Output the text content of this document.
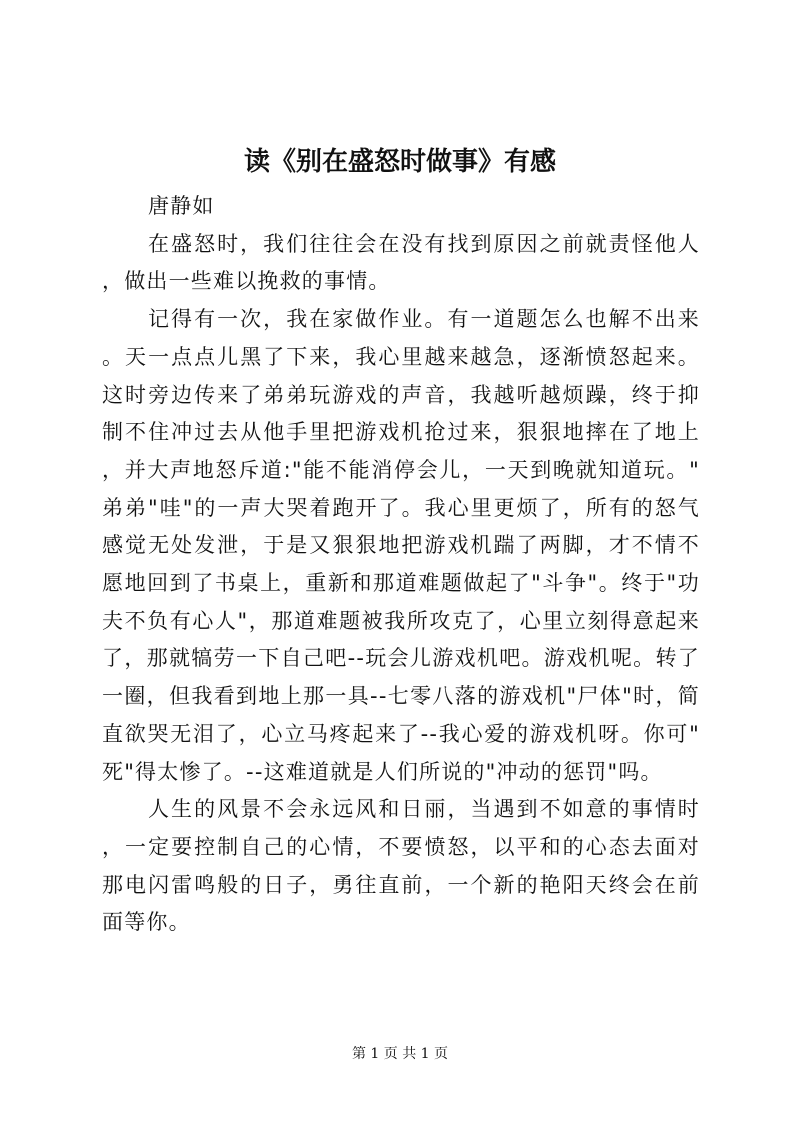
读《别在盛怒时做事》有感

唐静如

在盛怒时，我们往往会在没有找到原因之前就责怪他人，做出一些难以挽救的事情。

记得有一次，我在家做作业。有一道题怎么也解不出来。天一点点儿黑了下来，我心里越来越急，逐渐愤怒起来。这时旁边传来了弟弟玩游戏的声音，我越听越烦躁，终于抑制不住冲过去从他手里把游戏机抢过来，狠狠地摔在了地上，并大声地怒斥道:"能不能消停会儿，一天到晚就知道玩。"弟弟"哇"的一声大哭着跑开了。我心里更烦了，所有的怒气感觉无处发泄，于是又狠狠地把游戏机踹了两脚，才不情不愿地回到了书桌上，重新和那道难题做起了"斗争"。终于"功夫不负有心人"，那道难题被我所攻克了，心里立刻得意起来了，那就犒劳一下自己吧--玩会儿游戏机吧。游戏机呢。转了一圈，但我看到地上那一具--七零八落的游戏机"尸体"时，简直欲哭无泪了，心立马疼起来了--我心爱的游戏机呀。你可"死"得太惨了。--这难道就是人们所说的"冲动的惩罚"吗。

人生的风景不会永远风和日丽，当遇到不如意的事情时，一定要控制自己的心情，不要愤怒，以平和的心态去面对那电闪雷鸣般的日子，勇往直前，一个新的艳阳天终会在前面等你。

第 1 页 共 1 页
